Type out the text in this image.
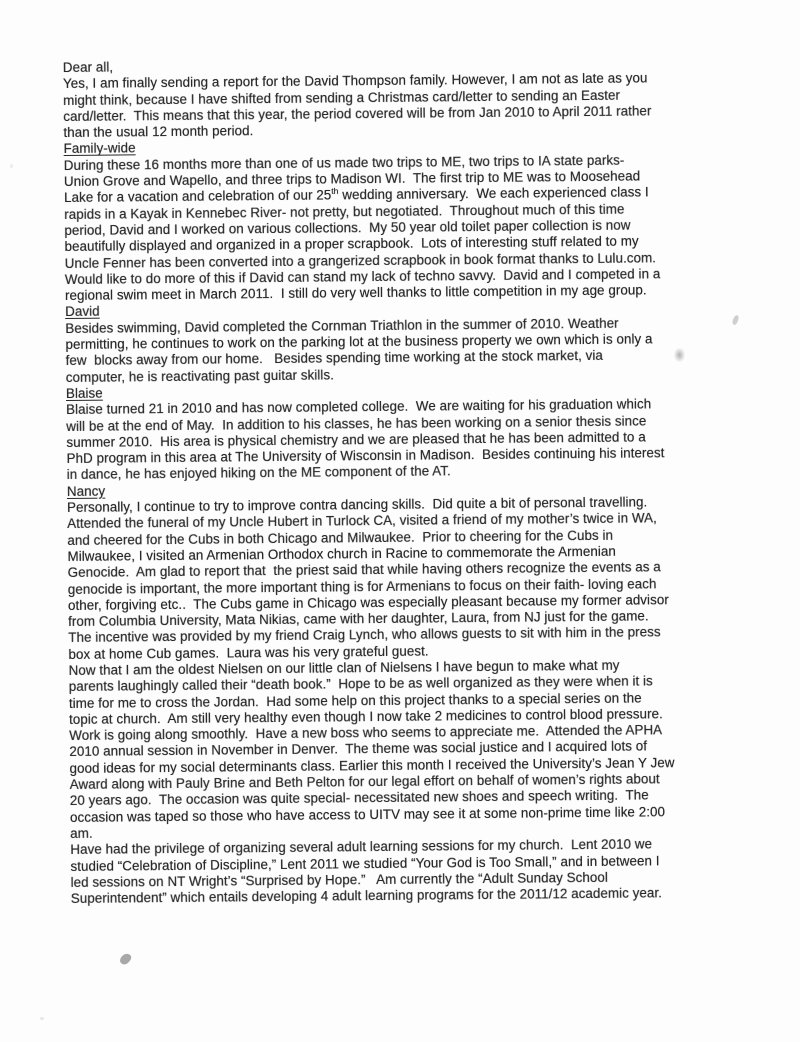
Dear all,
Yes, I am finally sending a report for the David Thompson family. However, I am not as late as you
might think, because I have shifted from sending a Christmas card/letter to sending an Easter
card/letter.  This means that this year, the period covered will be from Jan 2010 to April 2011 rather
than the usual 12 month period.
Family-wide
During these 16 months more than one of us made two trips to ME, two trips to IA state parks-
Union Grove and Wapello, and three trips to Madison WI.  The first trip to ME was to Moosehead
Lake for a vacation and celebration of our 25th wedding anniversary.  We each experienced class I
rapids in a Kayak in Kennebec River- not pretty, but negotiated.  Throughout much of this time
period, David and I worked on various collections.  My 50 year old toilet paper collection is now
beautifully displayed and organized in a proper scrapbook.  Lots of interesting stuff related to my
Uncle Fenner has been converted into a grangerized scrapbook in book format thanks to Lulu.com.
Would like to do more of this if David can stand my lack of techno savvy.  David and I competed in a
regional swim meet in March 2011.  I still do very well thanks to little competition in my age group.
David
Besides swimming, David completed the Cornman Triathlon in the summer of 2010. Weather
permitting, he continues to work on the parking lot at the business property we own which is only a
few  blocks away from our home.   Besides spending time working at the stock market, via
computer, he is reactivating past guitar skills.
Blaise
Blaise turned 21 in 2010 and has now completed college.  We are waiting for his graduation which
will be at the end of May.  In addition to his classes, he has been working on a senior thesis since
summer 2010.  His area is physical chemistry and we are pleased that he has been admitted to a
PhD program in this area at The University of Wisconsin in Madison.  Besides continuing his interest
in dance, he has enjoyed hiking on the ME component of the AT.
Nancy
Personally, I continue to try to improve contra dancing skills.  Did quite a bit of personal travelling.
Attended the funeral of my Uncle Hubert in Turlock CA, visited a friend of my mother’s twice in WA,
and cheered for the Cubs in both Chicago and Milwaukee.  Prior to cheering for the Cubs in
Milwaukee, I visited an Armenian Orthodox church in Racine to commemorate the Armenian
Genocide.  Am glad to report that  the priest said that while having others recognize the events as a
genocide is important, the more important thing is for Armenians to focus on their faith- loving each
other, forgiving etc..  The Cubs game in Chicago was especially pleasant because my former advisor
from Columbia University, Mata Nikias, came with her daughter, Laura, from NJ just for the game.
The incentive was provided by my friend Craig Lynch, who allows guests to sit with him in the press
box at home Cub games.  Laura was his very grateful guest.
Now that I am the oldest Nielsen on our little clan of Nielsens I have begun to make what my
parents laughingly called their “death book.”  Hope to be as well organized as they were when it is
time for me to cross the Jordan.  Had some help on this project thanks to a special series on the
topic at church.  Am still very healthy even though I now take 2 medicines to control blood pressure.
Work is going along smoothly.  Have a new boss who seems to appreciate me.  Attended the APHA
2010 annual session in November in Denver.  The theme was social justice and I acquired lots of
good ideas for my social determinants class. Earlier this month I received the University’s Jean Y Jew
Award along with Pauly Brine and Beth Pelton for our legal effort on behalf of women’s rights about
20 years ago.  The occasion was quite special- necessitated new shoes and speech writing.  The
occasion was taped so those who have access to UITV may see it at some non-prime time like 2:00
am.
Have had the privilege of organizing several adult learning sessions for my church.  Lent 2010 we
studied “Celebration of Discipline,” Lent 2011 we studied “Your God is Too Small,” and in between I
led sessions on NT Wright’s “Surprised by Hope.”   Am currently the “Adult Sunday School
Superintendent” which entails developing 4 adult learning programs for the 2011/12 academic year.
